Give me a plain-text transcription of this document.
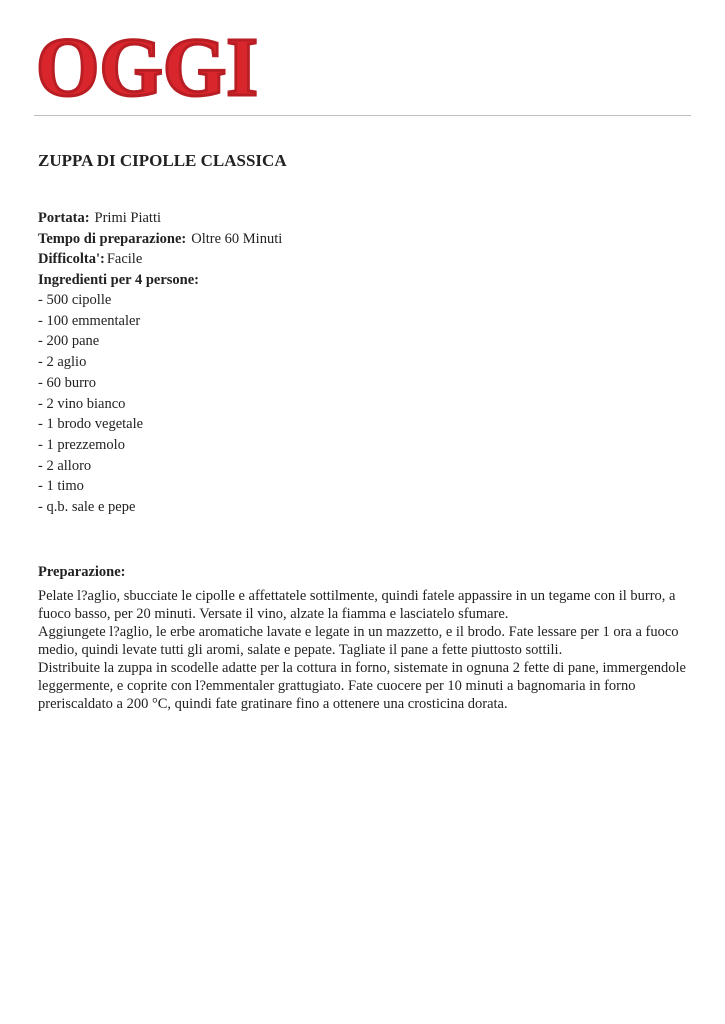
OGGI
ZUPPA DI CIPOLLE CLASSICA
Portata: Primi Piatti
Tempo di preparazione: Oltre 60 Minuti
Difficolta': Facile
Ingredienti per 4 persone:
- 500 cipolle
- 100 emmentaler
- 200 pane
- 2 aglio
- 60 burro
- 2 vino bianco
- 1 brodo vegetale
- 1 prezzemolo
- 2 alloro
- 1 timo
- q.b. sale e pepe
Preparazione:

Pelate l?aglio, sbucciate le cipolle e affettatele sottilmente, quindi fatele appassire in un tegame con il burro, a fuoco basso, per 20 minuti. Versate il vino, alzate la fiamma e lasciatelo sfumare.

Aggiungete l?aglio, le erbe aromatiche lavate e legate in un mazzetto, e il brodo. Fate lessare per 1 ora a fuoco medio, quindi levate tutti gli aromi, salate e pepate. Tagliate il pane a fette piuttosto sottili.

Distribuite la zuppa in scodelle adatte per la cottura in forno, sistemate in ognuna 2 fette di pane, immergendole leggermente, e coprite con l?emmentaler grattugiato. Fate cuocere per 10 minuti a bagnomaria in forno preriscaldato a 200 °C, quindi fate gratinare fino a ottenere una crosticina dorata.
